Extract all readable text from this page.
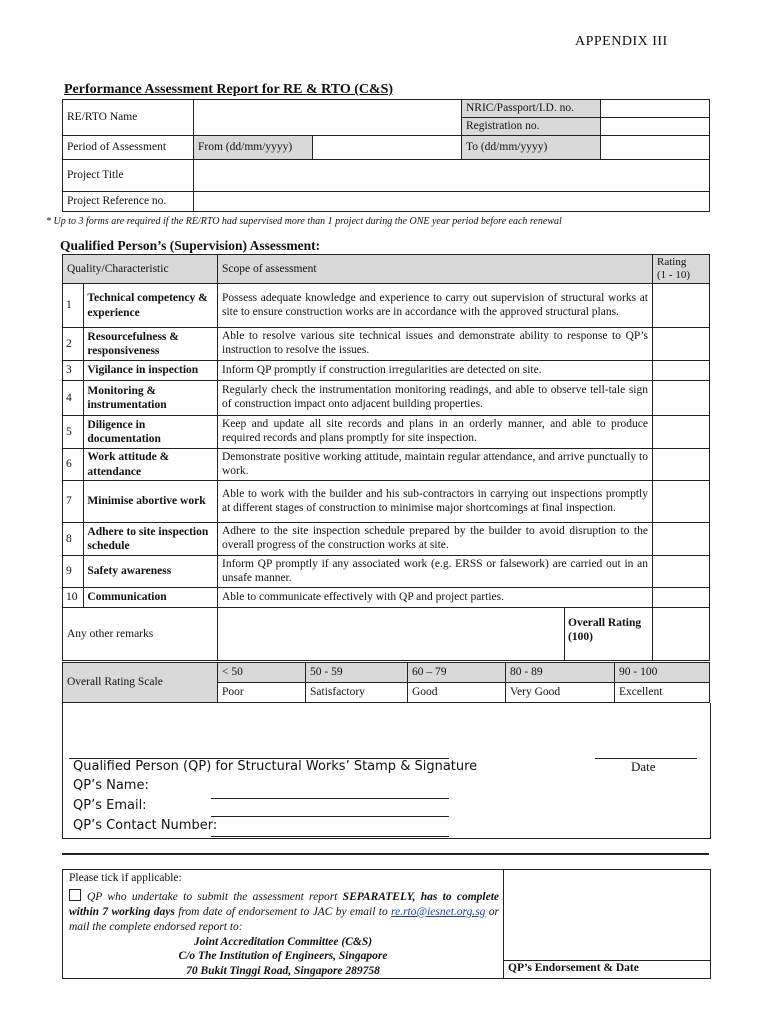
APPENDIX III
Performance Assessment Report for RE & RTO (C&S)
RE/RTO Name			NRIC/Passport/I.D. no.	
			Registration no.	
Period of Assessment	From (dd/mm/yyyy)		To (dd/mm/yyyy)	
Project Title				
Project Reference no.				
* Up to 3 forms are required if the RE/RTO had supervised more than 1 project during the ONE year period before each renewal
Qualified Person’s (Supervision) Assessment:
Quality/Characteristic		Scope of assessment	Rating
(1 - 10)
1	Technical competency & experience	Possess adequate knowledge and experience to carry out supervision of structural works at site to ensure construction works are in accordance with the approved structural plans.	
2	Resourcefulness & responsiveness	Able to resolve various site technical issues and demonstrate ability to response to QP’s instruction to resolve the issues.	
3	Vigilance in inspection	Inform QP promptly if construction irregularities are detected on site.	
4	Monitoring & instrumentation	Regularly check the instrumentation monitoring readings, and able to observe tell-tale sign of construction impact onto adjacent building properties.	
5	Diligence in documentation	Keep and update all site records and plans in an orderly manner, and able to produce required records and plans promptly for site inspection.	
6	Work attitude & attendance	Demonstrate positive working attitude, maintain regular attendance, and arrive punctually to work.	
7	Minimise abortive work	Able to work with the builder and his sub-contractors in carrying out inspections promptly at different stages of construction to minimise major shortcomings at final inspection.	
8	Adhere to site inspection schedule	Adhere to the site inspection schedule prepared by the builder to avoid disruption to the overall progress of the construction works at site.	
9	Safety awareness	Inform QP promptly if any associated work (e.g. ERSS or falsework) are carried out in an unsafe manner.	
10	Communication	Able to communicate effectively with QP and project parties.	
Any other remarks		Overall Rating (100)	

Overall Rating Scale	< 50	50 - 59	60 – 79	80 - 89	90 - 100
	Poor	Satisfactory	Good	Very Good	Excellent
Qualified Person (QP) for Structural Works’ Stamp & Signature	Date
QP’s Name:
QP’s Email:
QP’s Contact Number:
QP’s Endorsement & Date
Please tick if applicable:
QP who undertake to submit the assessment report SEPARATELY, has to complete within 7 working days from date of endorsement to JAC by email to re.rto@iesnet.org.sg or mail the complete endorsed report to:
Joint Accreditation Committee (C&S)
C/o The Institution of Engineers, Singapore
70 Bukit Tinggi Road, Singapore 289758
